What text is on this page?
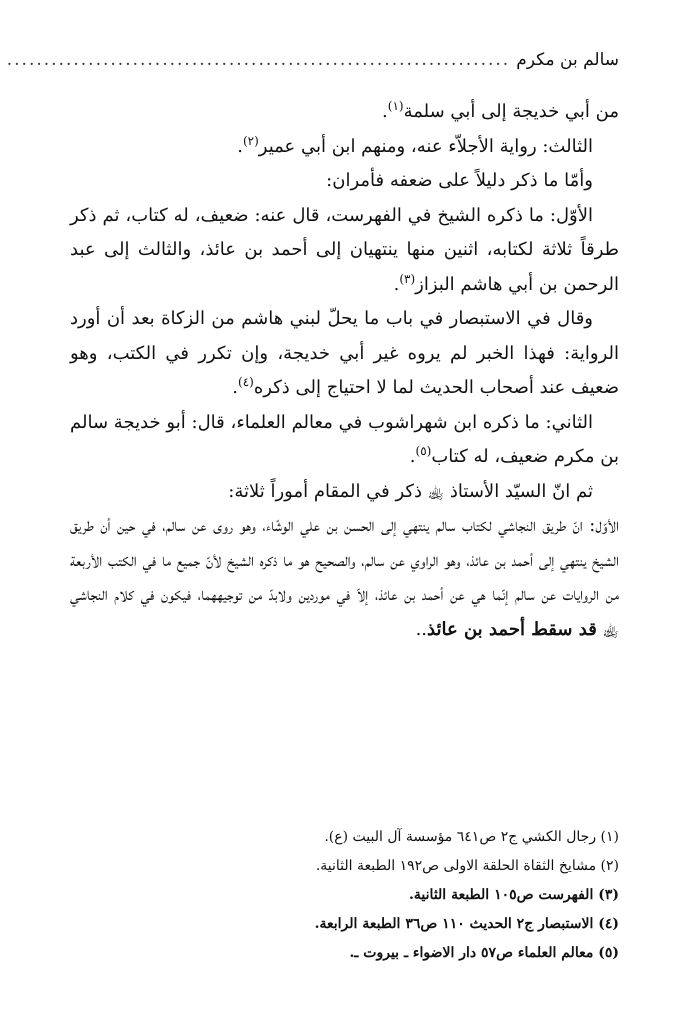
سالم بن مكرم
....................................................................

من أبي خديجة إلى أبي سلمة$^{(١)}$.

الثالث: رواية الأجلاّء عنه، ومنهم ابن أبي عمير$^{(٢)}$.

وأمّا ما ذكر دليلاً على ضعفه فأمران:

الأوّل: ما ذكره الشيخ في الفهرست، قال عنه: ضعيف، له كتاب، ثم ذكر طرقاً ثلاثة لكتابه، اثنين منها ينتهيان إلى أحمد بن عائذ، والثالث إلى عبد الرحمن بن أبي هاشم البزاز$^{(٣)}$.

وقال في الاستبصار في باب ما يحلّ لبني هاشم من الزكاة بعد أن أورد الرواية: فهذا الخبر لم يروه غير أبي خديجة، وإن تكرر في الكتب، وهو ضعيف عند أصحاب الحديث لما لا احتياج إلى ذكره$^{(٤)}$.

الثاني: ما ذكره ابن شهراشوب في معالم العلماء، قال: أبو خديجة سالم بن مكرم ضعيف، له كتاب$^{(٥)}$.

ثم انّ السيّد الأستاذ ﵀ ذكر في المقام أموراً ثلاثة:

الأوّل: انّ طريق النجاشي لكتاب سالم ينتهي إلى الحسن بن علي الوشّاء، وهو روى عن سالم، في حين أن طريق الشيخ ينتهي إلى أحمد بن عائذ، وهو الراوي عن سالم، والصحيح هو ما ذكره الشيخ لأنّ جميع ما في الكتب الأربعة من الروايات عن سالم إنّما هي عن أحمد بن عائذ، إلاّ في موردين ولابدّ من توجيههما، فيكون في كلام النجاشي ﵀ قد سقط أحمد بن عائذ..

(١) رجال الكشي ج٢ ص٦٤١ مؤسسة آل البيت (ع).
(٢) مشايخ الثقاة الحلقة الاولى ص١٩٢ الطبعة الثانية.
(٣) الفهرست ص١٠٥ الطبعة الثانية.
(٤) الاستبصار ج٢ الحديث ١١٠ ص٣٦ الطبعة الرابعة.
(٥) معالم العلماء ص٥٧ دار الاضواء ـ بيروت ـ.
